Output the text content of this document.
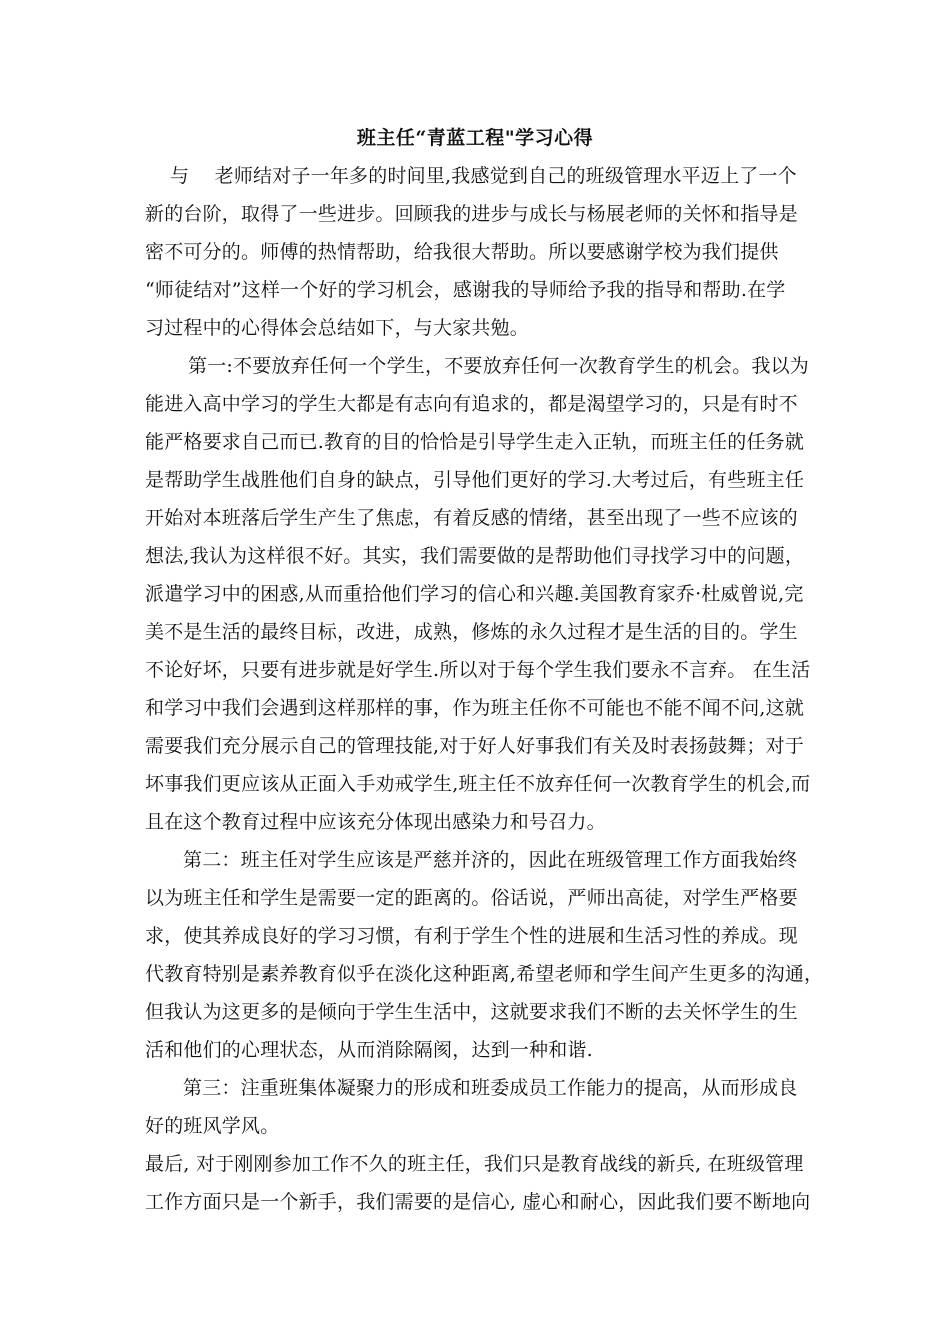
班主任“青蓝工程"学习心得
与　 老师结对子一年多的时间里,我感觉到自己的班级管理水平迈上了一个
新的台阶，取得了一些进步。回顾我的进步与成长与杨展老师的关怀和指导是
密不可分的。师傅的热情帮助，给我很大帮助。所以要感谢学校为我们提供
“师徒结对”这样一个好的学习机会，感谢我的导师给予我的指导和帮助.在学
习过程中的心得体会总结如下，与大家共勉。
第一:不要放弃任何一个学生，不要放弃任何一次教育学生的机会。我以为
能进入高中学习的学生大都是有志向有追求的，都是渴望学习的，只是有时不
能严格要求自己而已.教育的目的恰恰是引导学生走入正轨，而班主任的任务就
是帮助学生战胜他们自身的缺点，引导他们更好的学习.大考过后，有些班主任
开始对本班落后学生产生了焦虑，有着反感的情绪，甚至出现了一些不应该的
想法,我认为这样很不好。其实，我们需要做的是帮助他们寻找学习中的问题，
派遣学习中的困惑,从而重拾他们学习的信心和兴趣.美国教育家乔·杜威曾说,完
美不是生活的最终目标，改进，成熟，修炼的永久过程才是生活的目的。学生
不论好坏，只要有进步就是好学生.所以对于每个学生我们要永不言弃。 在生活
和学习中我们会遇到这样那样的事，作为班主任你不可能也不能不闻不问,这就
需要我们充分展示自己的管理技能,对于好人好事我们有关及时表扬鼓舞；对于
坏事我们更应该从正面入手劝戒学生,班主任不放弃任何一次教育学生的机会,而
且在这个教育过程中应该充分体现出感染力和号召力。
第二：班主任对学生应该是严慈并济的，因此在班级管理工作方面我始终
以为班主任和学生是需要一定的距离的。俗话说，严师出高徒，对学生严格要
求，使其养成良好的学习习惯，有利于学生个性的进展和生活习性的养成。现
代教育特别是素养教育似乎在淡化这种距离,希望老师和学生间产生更多的沟通，
但我认为这更多的是倾向于学生生活中，这就要求我们不断的去关怀学生的生
活和他们的心理状态，从而消除隔阂，达到一种和谐.
第三：注重班集体凝聚力的形成和班委成员工作能力的提高，从而形成良
好的班风学风。
最后, 对于刚刚参加工作不久的班主任，我们只是教育战线的新兵, 在班级管理
工作方面只是一个新手，我们需要的是信心, 虚心和耐心，因此我们要不断地向
